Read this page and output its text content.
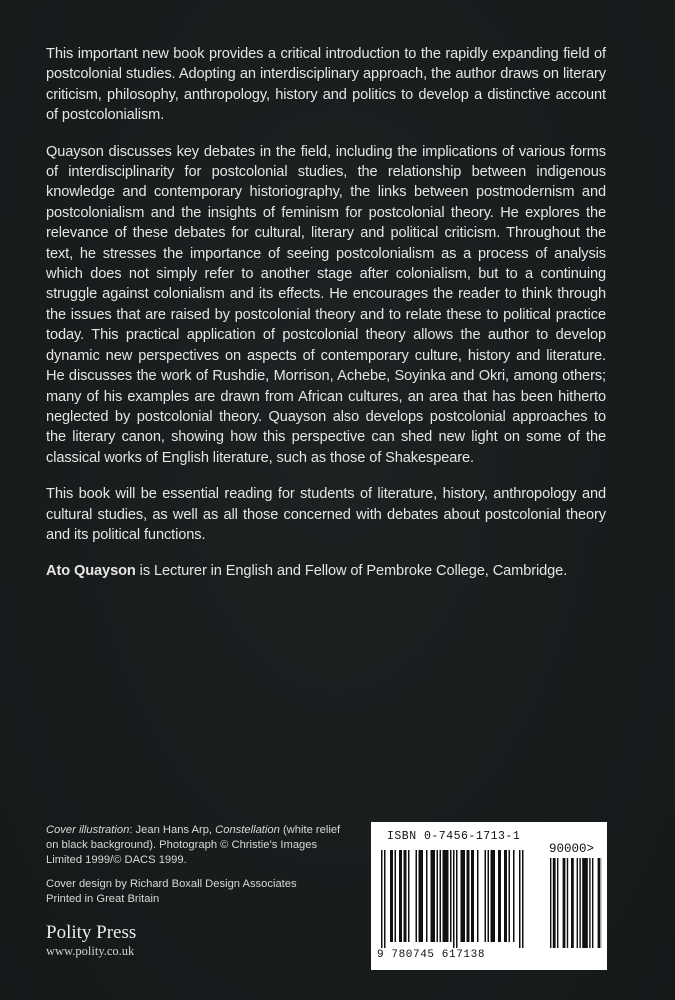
This important new book provides a critical introduction to the rapidly expanding field of postcolonial studies. Adopting an interdisciplinary approach, the author draws on literary criticism, philosophy, anthropology, history and politics to develop a distinctive account of postcolonialism.

Quayson discusses key debates in the field, including the implications of various forms of interdisciplinarity for postcolonial studies, the relationship between indigenous knowledge and contemporary historiography, the links between postmodernism and postcolonialism and the insights of feminism for postcolonial theory. He explores the relevance of these debates for cultural, literary and political criticism. Throughout the text, he stresses the importance of seeing postcolonialism as a process of analysis which does not simply refer to another stage after colonialism, but to a continuing struggle against colonialism and its effects. He encourages the reader to think through the issues that are raised by postcolonial theory and to relate these to political practice today. This practical application of postcolonial theory allows the author to develop dynamic new perspectives on aspects of contemporary culture, history and literature. He discusses the work of Rushdie, Morrison, Achebe, Soyinka and Okri, among others; many of his examples are drawn from African cultures, an area that has been hitherto neglected by postcolonial theory. Quayson also develops postcolonial approaches to the literary canon, showing how this perspective can shed new light on some of the classical works of English literature, such as those of Shakespeare.

This book will be essential reading for students of literature, history, anthropology and cultural studies, as well as all those concerned with debates about postcolonial theory and its political functions.

Ato Quayson is Lecturer in English and Fellow of Pembroke College, Cambridge.

Cover illustration: Jean Hans Arp, Constellation (white relief on black background). Photograph © Christie’s Images Limited 1999/© DACS 1999.
Cover design by Richard Boxall Design Associates
Printed in Great Britain
Polity Press
www.polity.co.uk
ISBN 0-7456-1713-1
90000>
9 780745 617138
